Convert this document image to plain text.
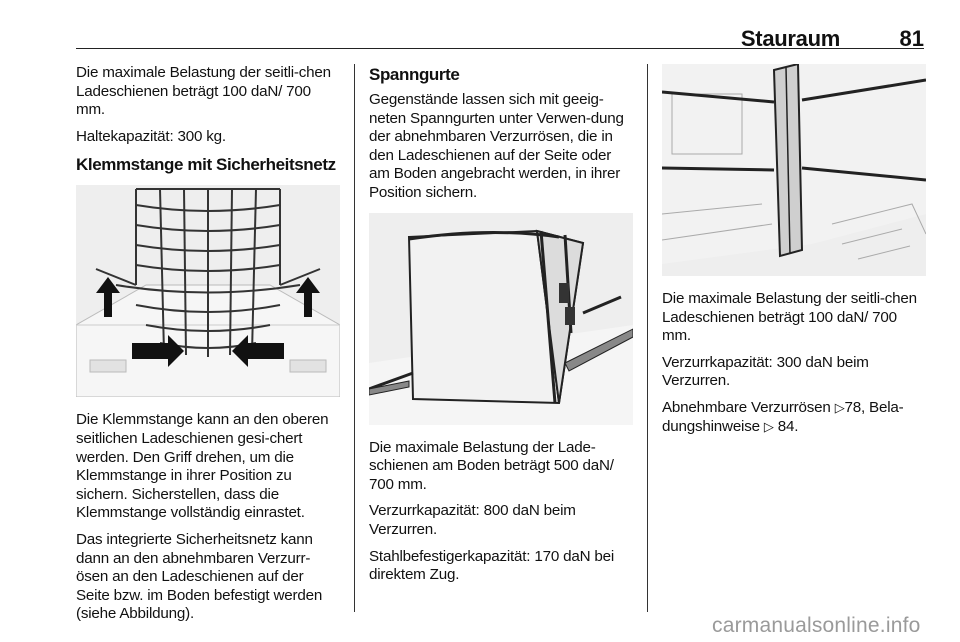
Stauraum	81

Die maximale Belastung der seitli-chen Ladeschienen beträgt 100 daN/ 700 mm.

Haltekapazität: 300 kg.

Klemmstange mit Sicherheitsnetz

Die Klemmstange kann an den oberen seitlichen Ladeschienen gesi-chert werden. Den Griff drehen, um die Klemmstange in ihrer Position zu sichern. Sicherstellen, dass die Klemmstange vollständig einrastet.

Das integrierte Sicherheitsnetz kann dann an den abnehmbaren Verzurr-ösen an den Ladeschienen auf der Seite bzw. im Boden befestigt werden (siehe Abbildung).

Spanngurte

Gegenstände lassen sich mit geeig-neten Spanngurten unter Verwen-dung der abnehmbaren Verzurrösen, die in den Ladeschienen auf der Seite oder am Boden angebracht werden, in ihrer Position sichern.

Die maximale Belastung der Lade-schienen am Boden beträgt 500 daN/ 700 mm.

Verzurrkapazität: 800 daN beim Verzurren.

Stahlbefestigerkapazität: 170 daN bei direktem Zug.

Die maximale Belastung der seitli-chen Ladeschienen beträgt 100 daN/ 700 mm.

Verzurrkapazität: 300 daN beim Verzurren.

Abnehmbare Verzurrösen ▷78, Bela-dungshinweise ▷ 84.

carmanualsonline.info
